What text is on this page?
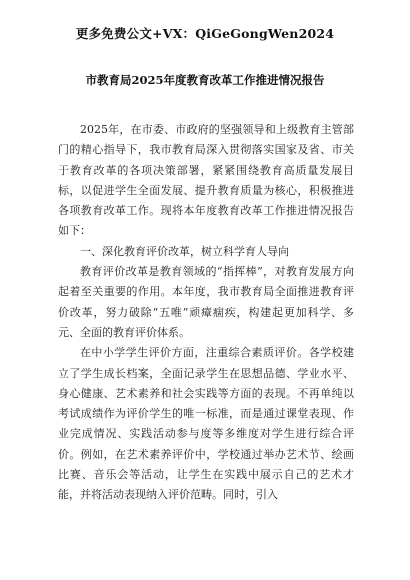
更多免费公文+VX：QiGeGongWen2024
市教育局2025年度教育改革工作推进情况报告

2025年，在市委、市政府的坚强领导和上级教育主管部门的精心指导下，我市教育局深入贯彻落实国家及省、市关于教育改革的各项决策部署，紧紧围绕教育高质量发展目标，以促进学生全面发展、提升教育质量为核心，积极推进各项教育改革工作。现将本年度教育改革工作推进情况报告如下：

一、深化教育评价改革，树立科学育人导向

教育评价改革是教育领域的“指挥棒”，对教育发展方向起着至关重要的作用。本年度，我市教育局全面推进教育评价改革，努力破除“五唯”顽瘴痼疾，构建起更加科学、多元、全面的教育评价体系。

在中小学学生评价方面，注重综合素质评价。各学校建立了学生成长档案，全面记录学生在思想品德、学业水平、身心健康、艺术素养和社会实践等方面的表现。不再单纯以考试成绩作为评价学生的唯一标准，而是通过课堂表现、作业完成情况、实践活动参与度等多维度对学生进行综合评价。例如，在艺术素养评价中，学校通过举办艺术节、绘画比赛、音乐会等活动，让学生在实践中展示自己的艺术才能，并将活动表现纳入评价范畴。同时，引入
